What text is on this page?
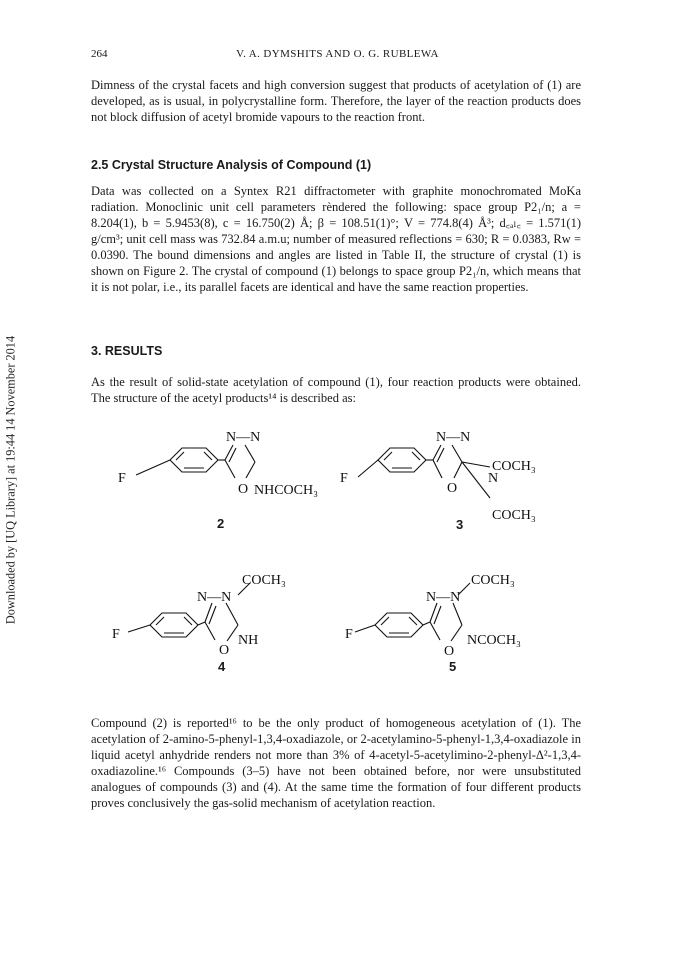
Downloaded by [UQ Library] at 19:44 14 November 2014
264	V. A. DYMSHITS AND O. G. RUBLEWA

Dimness of the crystal facets and high conversion suggest that products of acetylation of (1) are developed, as is usual, in polycrystalline form. Therefore, the layer of the reaction products does not block diffusion of acetyl bromide vapours to the reaction front.

2.5 Crystal Structure Analysis of Compound (1)

Data was collected on a Syntex R21 diffractometer with graphite monochromated MoKa radiation. Monoclinic unit cell parameters rèndered the following: space group P2₁/n; a = 8.204(1), b = 5.9453(8), c = 16.750(2) Å; β = 108.51(1)°; V = 774.8(4) Å³; d꜀ₐₗ꜀ = 1.571(1) g/cm³; unit cell mass was 732.84 a.m.u; number of measured reflections = 630; R = 0.0383, Rw = 0.0390. The bound dimensions and angles are listed in Table II, the structure of crystal (1) is shown on Figure 2. The crystal of compound (1) belongs to space group P2₁/n, which means that it is not polar, i.e., its parallel facets are identical and have the same reaction properties.

3. RESULTS

As the result of solid-state acetylation of compound (1), four reaction products were obtained. The structure of the acetyl products¹⁴ is described as:

F
N—N
O NHCOCH₃
F
N—N
O
N
COCH₃
COCH₃
N—N
COCH₃
F
O
NH
N—N
COCH₃
F
O
NCOCH₃
2	3
4	5

Compound (2) is reported¹⁶ to be the only product of homogeneous acetylation of (1). The acetylation of 2-amino-5-phenyl-1,3,4-oxadiazole, or 2-acetylamino-5-phenyl-1,3,4-oxadiazole in liquid acetyl anhydride renders not more than 3% of 4-acetyl-5-acetylimino-2-phenyl-Δ²-1,3,4-oxadiazoline.¹⁶ Compounds (3–5) have not been obtained before, nor were unsubstituted analogues of compounds (3) and (4). At the same time the formation of four different products proves conclusively the gas-solid mechanism of acetylation reaction.
